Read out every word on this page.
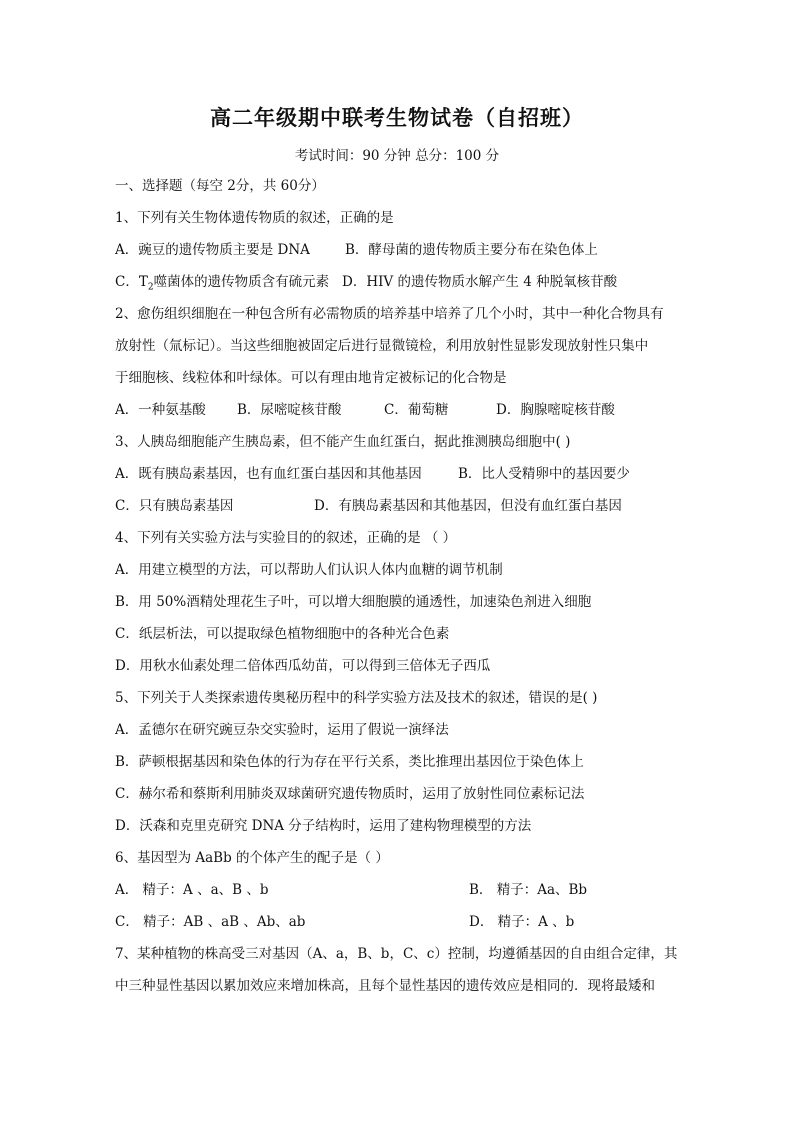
高二年级期中联考生物试卷（自招班）
考试时间：90 分钟 总分：100 分
一、选择题（每空 2分，共 60分）
1、下列有关生物体遗传物质的叙述，正确的是
A．豌豆的遗传物质主要是 DNA	B．酵母菌的遗传物质主要分布在染色体上
C．$T_2$噬菌体的遗传物质含有硫元素 D．HIV 的遗传物质水解产生 4 种脱氧核苷酸
2、愈伤组织细胞在一种包含所有必需物质的培养基中培养了几个小时，其中一种化合物具有
放射性（氚标记）。当这些细胞被固定后进行显微镜检，利用放射性显影发现放射性只集中
于细胞核、线粒体和叶绿体。可以有理由地肯定被标记的化合物是
A．一种氨基酸 B．尿嘧啶核苷酸	C．葡萄糖	D．胸腺嘧啶核苷酸
3、人胰岛细胞能产生胰岛素，但不能产生血红蛋白，据此推测胰岛细胞中( )
A．既有胰岛素基因，也有血红蛋白基因和其他基因	B．比人受精卵中的基因要少
C．只有胰岛素基因	D．有胰岛素基因和其他基因，但没有血红蛋白基因
4、下列有关实验方法与实验目的的叙述，正确的是 （ ）
A．用建立模型的方法，可以帮助人们认识人体内血糖的调节机制
B．用 50%酒精处理花生子叶，可以增大细胞膜的通透性，加速染色剂进入细胞
C．纸层析法，可以提取绿色植物细胞中的各种光合色素
D．用秋水仙素处理二倍体西瓜幼苗，可以得到三倍体无子西瓜
5、下列关于人类探索遗传奥秘历程中的科学实验方法及技术的叙述，错误的是( )
A．孟德尔在研究豌豆杂交实验时，运用了假说一演绎法
B．萨顿根据基因和染色体的行为存在平行关系，类比推理出基因位于染色体上
C．赫尔希和蔡斯利用肺炎双球菌研究遗传物质时，运用了放射性同位素标记法
D．沃森和克里克研究 DNA 分子结构时，运用了建构物理模型的方法
6、基因型为 AaBb 的个体产生的配子是（ ）
A． 精子：A 、a、B 、b	B． 精子：Aa、Bb
C． 精子：AB 、aB 、Ab、ab	D． 精子：A 、b
7、某种植物的株高受三对基因（A、a，B、b，C、c）控制，均遵循基因的自由组合定律，其
中三种显性基因以累加效应来增加株高，且每个显性基因的遗传效应是相同的．现将最矮和
